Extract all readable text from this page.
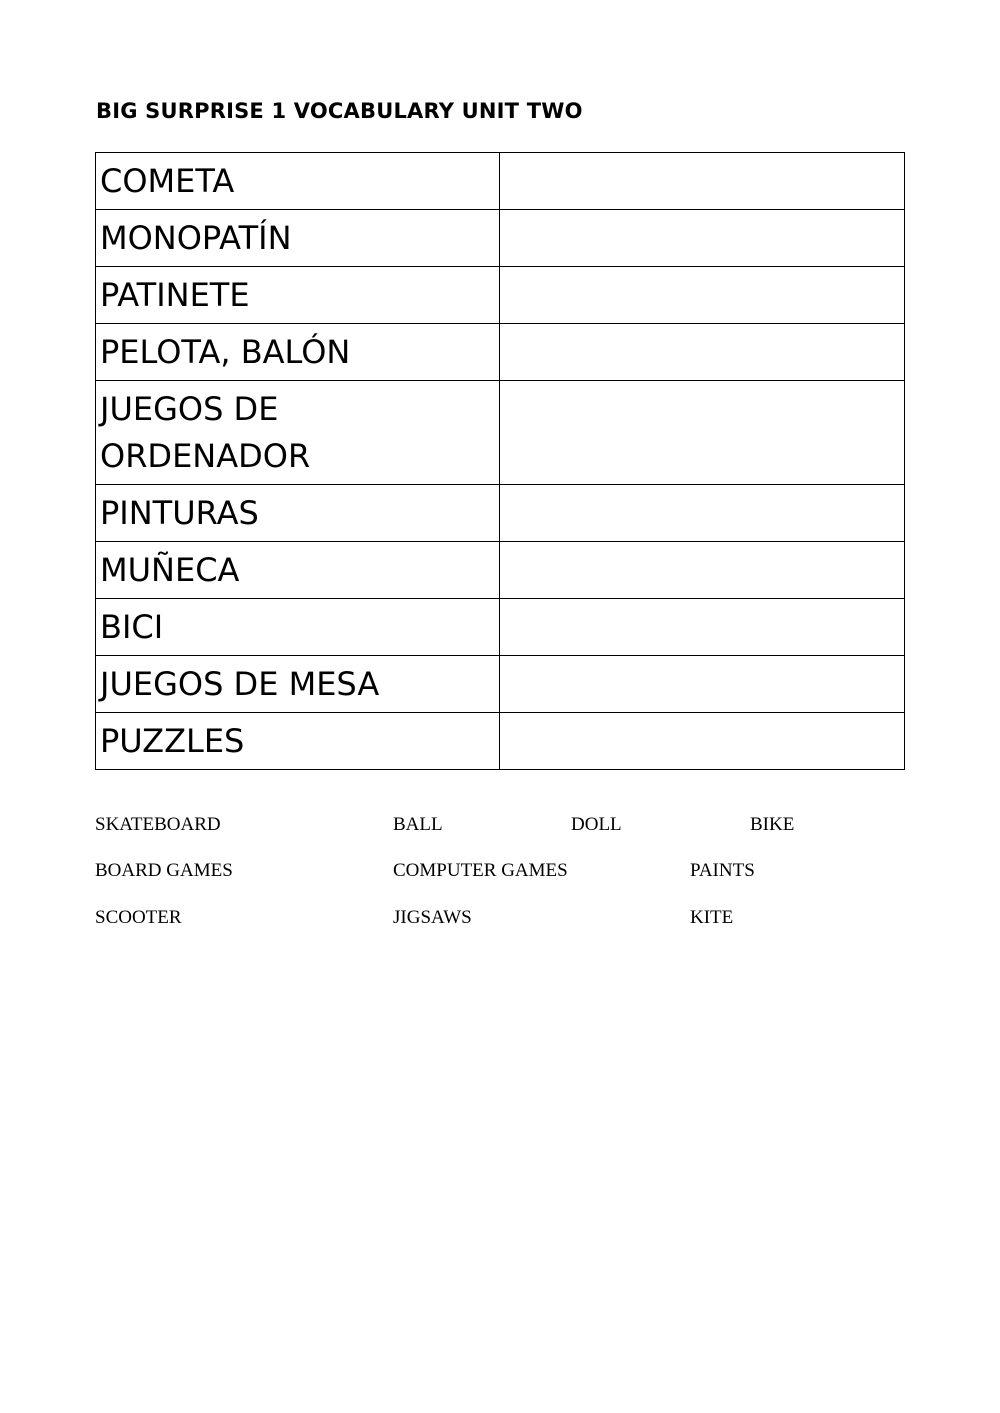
BIG SURPRISE 1 VOCABULARY UNIT TWO
COMETA	
MONOPATÍN	
PATINETE	
PELOTA, BALÓN	
JUEGOS DE ORDENADOR	
PINTURAS	
MUÑECA	
BICI	
JUEGOS DE MESA	
PUZZLES	
SKATEBOARD	BALL	DOLL	BIKE
BOARD GAMES	COMPUTER GAMES	PAINTS
SCOOTER	JIGSAWS	KITE
